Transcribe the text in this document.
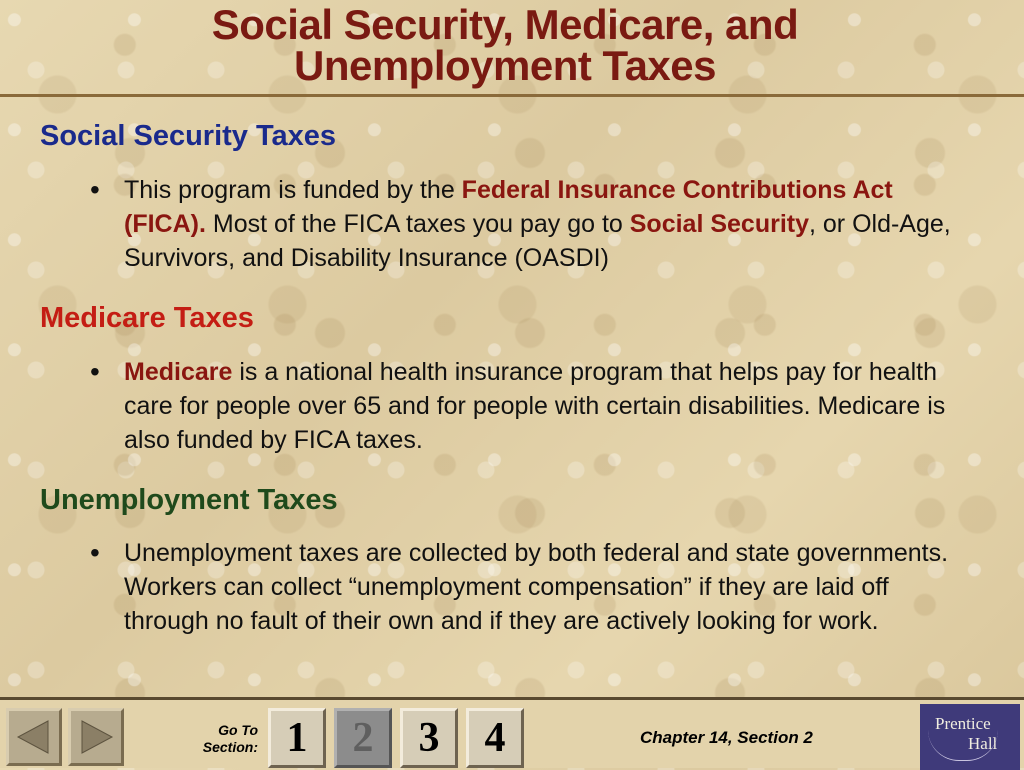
Social Security, Medicare, and
Unemployment Taxes
Social Security Taxes
• This program is funded by the Federal Insurance Contributions Act (FICA). Most of the FICA taxes you pay go to Social Security, or Old-Age, Survivors, and Disability Insurance (OASDI)
Medicare Taxes
• Medicare is a national health insurance program that helps pay for health care for people over 65 and for people with certain disabilities. Medicare is also funded by FICA taxes.
Unemployment Taxes
• Unemployment taxes are collected by both federal and state governments. Workers can collect “unemployment compensation” if they are laid off through no fault of their own and if they are actively looking for work.
Go To
Section: 1	2	3	4	Chapter 14, Section 2
Prentice
Hall
